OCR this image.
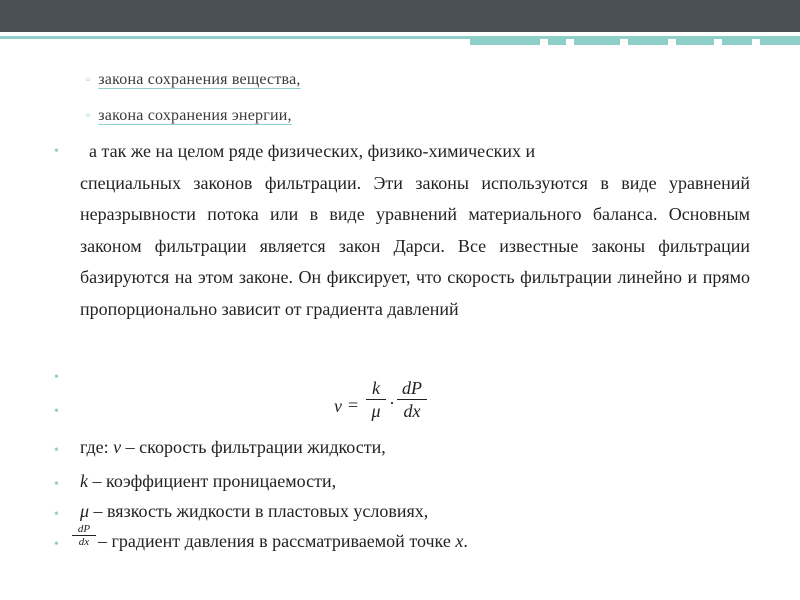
▫ закона сохранения вещества,
▫ закона сохранения энергии,
•	а так же на целом ряде физических, физико-химических и
специальных законов фильтрации. Эти законы используются в виде уравнений неразрывности потока или в виде уравнений материального баланса. Основным законом фильтрации является закон Дарси. Все известные законы фильтрации базируются на этом законе. Он фиксирует, что скорость фильтрации линейно и прямо пропорционально зависит от градиента давлений
•
•	v =
k
μ ·
dP
dx
• где: v – скорость фильтрации жидкости,
• k – коэффициент проницаемости,
• μ – вязкость жидкости в пластовых условиях,
•
dP
dx – градиент давления в рассматриваемой точке x.
